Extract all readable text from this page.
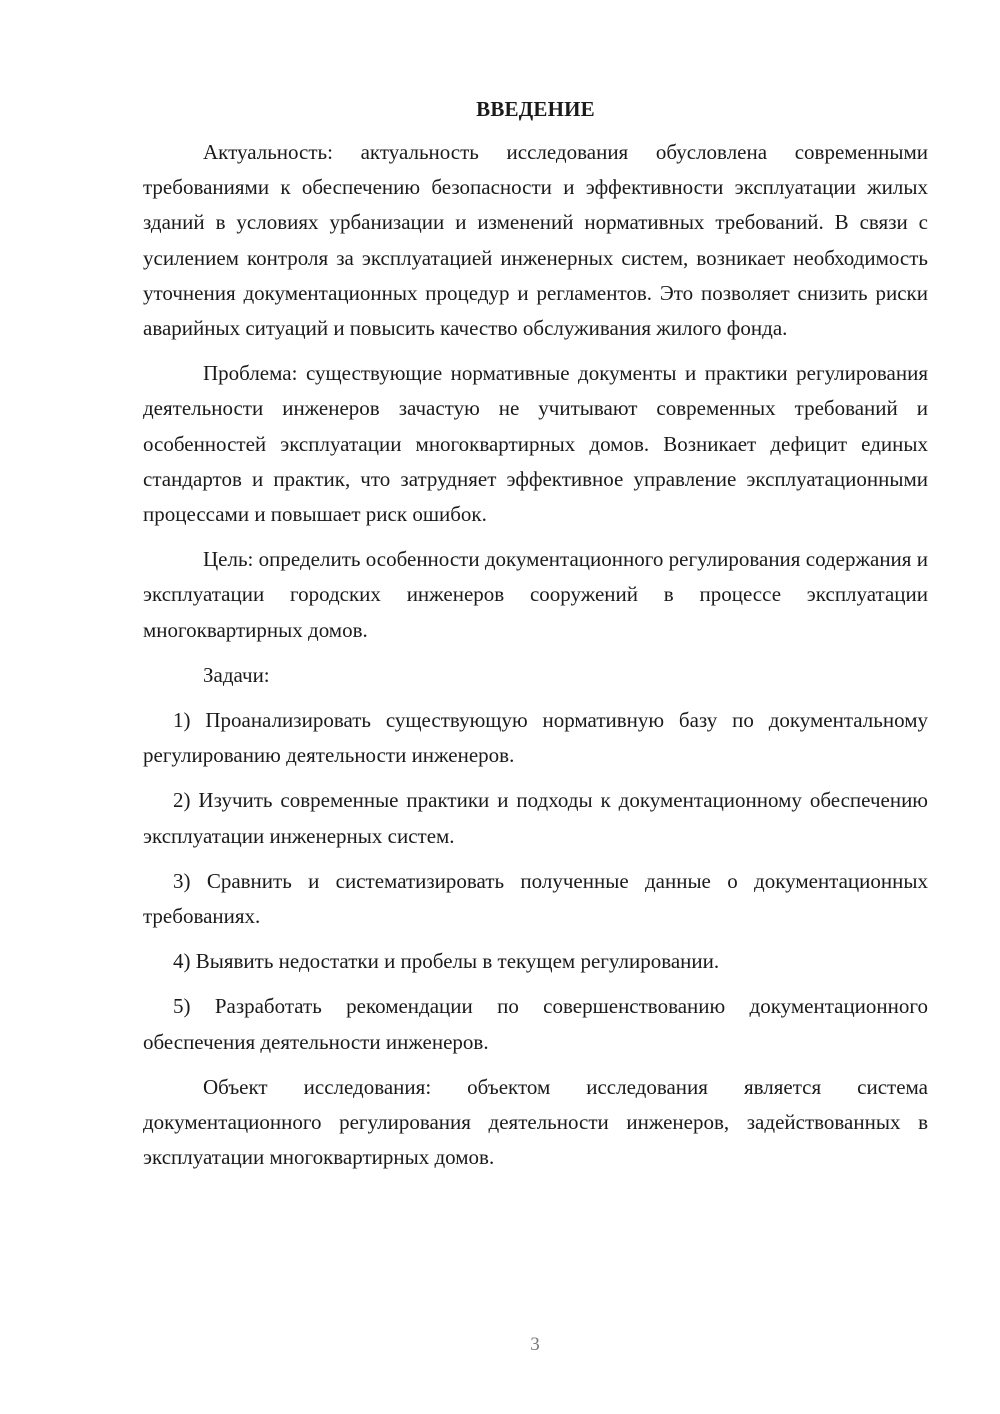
ВВЕДЕНИЕ

Актуальность: актуальность исследования обусловлена современными требованиями к обеспечению безопасности и эффективности эксплуатации жилых зданий в условиях урбанизации и изменений нормативных требований. В связи с усилением контроля за эксплуатацией инженерных систем, возникает необходимость уточнения документационных процедур и регламентов. Это позволяет снизить риски аварийных ситуаций и повысить качество обслуживания жилого фонда.

Проблема: существующие нормативные документы и практики регулирования деятельности инженеров зачастую не учитывают современных требований и особенностей эксплуатации многоквартирных домов. Возникает дефицит единых стандартов и практик, что затрудняет эффективное управление эксплуатационными процессами и повышает риск ошибок.

Цель: определить особенности документационного регулирования содержания и эксплуатации городских инженеров сооружений в процессе эксплуатации многоквартирных домов.

Задачи:

1) Проанализировать существующую нормативную базу по документальному регулированию деятельности инженеров.

2) Изучить современные практики и подходы к документационному обеспечению эксплуатации инженерных систем.

3) Сравнить и систематизировать полученные данные о документационных требованиях.

4) Выявить недостатки и пробелы в текущем регулировании.

5) Разработать рекомендации по совершенствованию документационного обеспечения деятельности инженеров.

Объект исследования: объектом исследования является система документационного регулирования деятельности инженеров, задействованных в эксплуатации многоквартирных домов.

3
